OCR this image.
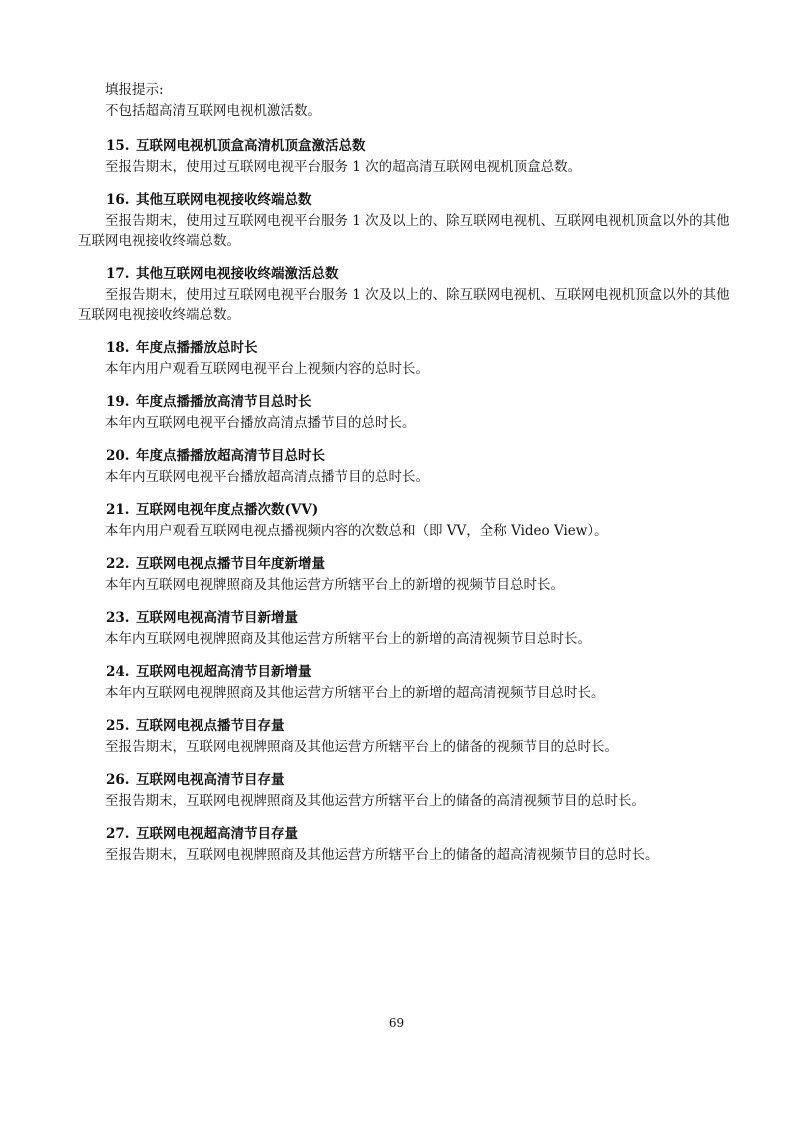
填报提示:

不包括超高清互联网电视机激活数。

15. 互联网电视机顶盒高清机顶盒激活总数

至报告期末，使用过互联网电视平台服务 1 次的超高清互联网电视机顶盒总数。

16. 其他互联网电视接收终端总数

至报告期末，使用过互联网电视平台服务 1 次及以上的、除互联网电视机、互联网电视机顶盒以外的其他互联网电视接收终端总数。

17. 其他互联网电视接收终端激活总数

至报告期末，使用过互联网电视平台服务 1 次及以上的、除互联网电视机、互联网电视机顶盒以外的其他互联网电视接收终端总数。

18. 年度点播播放总时长

本年内用户观看互联网电视平台上视频内容的总时长。

19. 年度点播播放高清节目总时长

本年内互联网电视平台播放高清点播节目的总时长。

20. 年度点播播放超高清节目总时长

本年内互联网电视平台播放超高清点播节目的总时长。

21. 互联网电视年度点播次数(VV)

本年内用户观看互联网电视点播视频内容的次数总和（即 VV，全称 Video View）。

22. 互联网电视点播节目年度新增量

本年内互联网电视牌照商及其他运营方所辖平台上的新增的视频节目总时长。

23. 互联网电视高清节目新增量

本年内互联网电视牌照商及其他运营方所辖平台上的新增的高清视频节目总时长。

24. 互联网电视超高清节目新增量

本年内互联网电视牌照商及其他运营方所辖平台上的新增的超高清视频节目总时长。

25. 互联网电视点播节目存量

至报告期末，互联网电视牌照商及其他运营方所辖平台上的储备的视频节目的总时长。

26. 互联网电视高清节目存量

至报告期末，互联网电视牌照商及其他运营方所辖平台上的储备的高清视频节目的总时长。

27. 互联网电视超高清节目存量

至报告期末，互联网电视牌照商及其他运营方所辖平台上的储备的超高清视频节目的总时长。

69
